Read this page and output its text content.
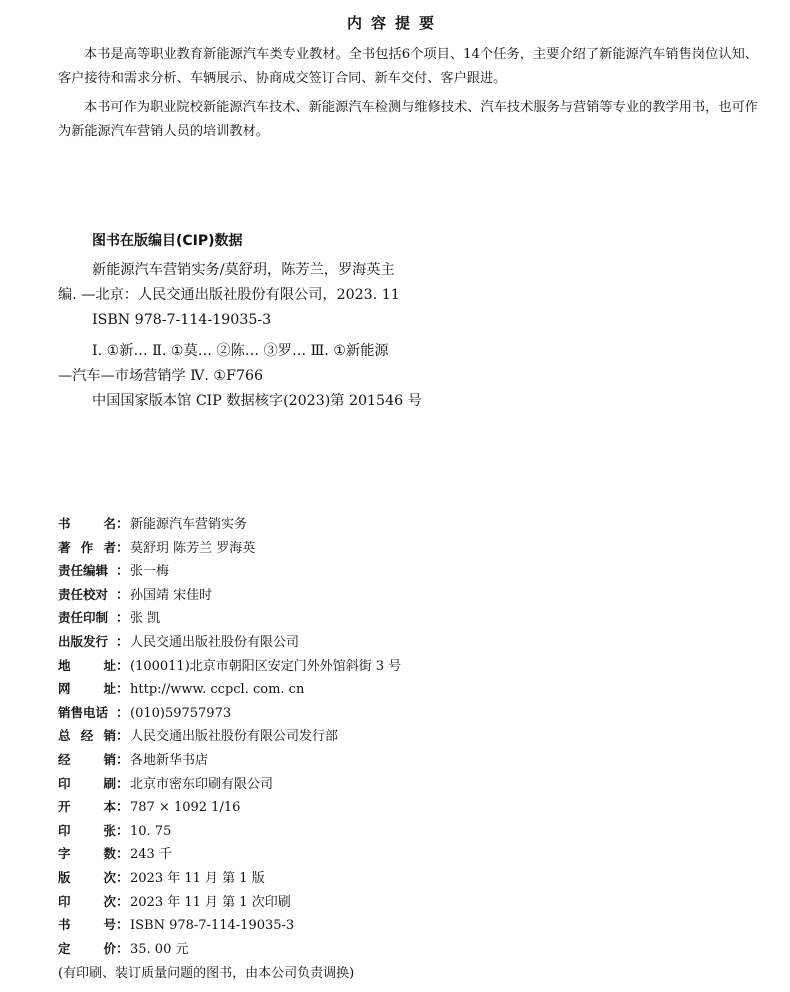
内容提要

本书是高等职业教育新能源汽车类专业教材。全书包括6个项目、14个任务，主要介绍了新能源汽车销售岗位认知、客户接待和需求分析、车辆展示、协商成交签订合同、新车交付、客户跟进。

本书可作为职业院校新能源汽车技术、新能源汽车检测与维修技术、汽车技术服务与营销等专业的教学用书，也可作为新能源汽车营销人员的培训教材。

图书在版编目(CIP)数据
新能源汽车营销实务/莫舒玥，陈芳兰，罗海英主
编. —北京：人民交通出版社股份有限公司，2023. 11
ISBN 978-7-114-19035-3
Ⅰ. ①新… Ⅱ. ①莫… ②陈… ③罗… Ⅲ. ①新能源
—汽车—市场营销学 Ⅳ. ①F766
中国国家版本馆 CIP 数据核字(2023)第 201546 号
书	名 ： 新能源汽车营销实务
著 作 者 ： 莫舒玥 陈芳兰 罗海英
责任编辑 ： 张一梅
责任校对 ： 孙国靖 宋佳时
责任印制 ： 张 凯
出版发行 ： 人民交通出版社股份有限公司
地	址 ： (100011)北京市朝阳区安定门外外馆斜街 3 号
网	址 ： http://www. ccpcl. com. cn
销售电话 ： (010)59757973
总 经 销 ： 人民交通出版社股份有限公司发行部
经	销 ： 各地新华书店
印	刷 ： 北京市密东印刷有限公司
开	本 ： 787 × 1092 1/16
印	张 ： 10. 75
字	数 ： 243 千
版	次 ： 2023 年 11 月 第 1 版
印	次 ： 2023 年 11 月 第 1 次印刷
书	号 ： ISBN 978-7-114-19035-3
定	价 ： 35. 00 元
(有印刷、装订质量问题的图书，由本公司负责调换)
